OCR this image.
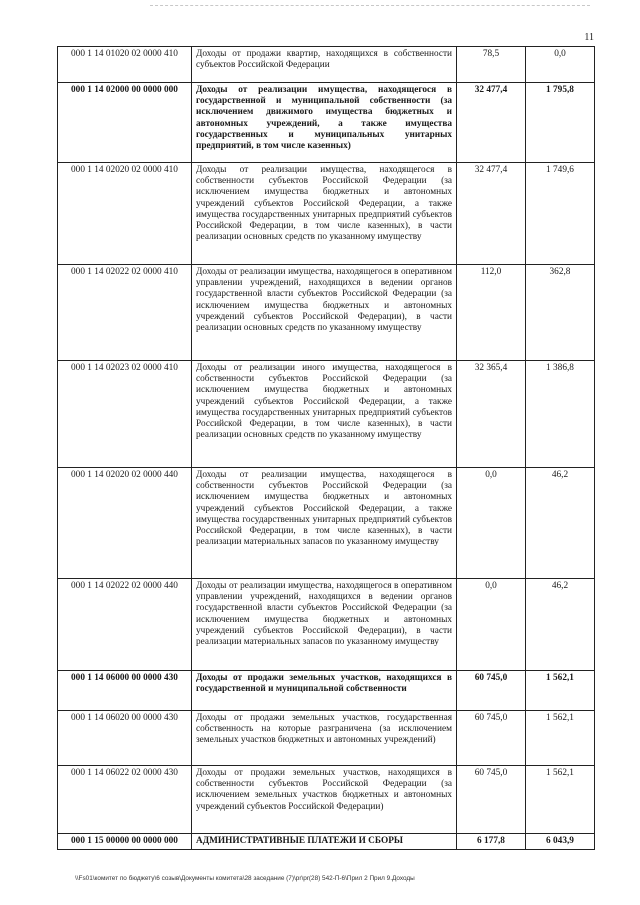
11
000 1 14 01020 02 0000 410	Доходы от продажи квартир, находящихся в собственности субъектов Российской Федерации	78,5	0,0
000 1 14 02000 00 0000 000	Доходы от реализации имущества, находящегося в государственной и муниципальной собственности (за исключением движимого имущества бюджетных и автономных учреждений, а также имущества государственных и муниципальных унитарных предприятий, в том числе казенных)	32 477,4	1 795,8
000 1 14 02020 02 0000 410	Доходы от реализации имущества, находящегося в собственности субъектов Российской Федерации (за исключением имущества бюджетных и автономных учреждений субъектов Российской Федерации, а также имущества государственных унитарных предприятий субъектов Российской Федерации, в том числе казенных), в части реализации основных средств по указанному имуществу	32 477,4	1 749,6
000 1 14 02022 02 0000 410	Доходы от реализации имущества, находящегося в оперативном управлении учреждений, находящихся в ведении органов государственной власти субъектов Российской Федерации (за исключением имущества бюджетных и автономных учреждений субъектов Российской Федерации), в части реализации основных средств по указанному имуществу	112,0	362,8
000 1 14 02023 02 0000 410	Доходы от реализации иного имущества, находящегося в собственности субъектов Российской Федерации (за исключением имущества бюджетных и автономных учреждений субъектов Российской Федерации, а также имущества государственных унитарных предприятий субъектов Российской Федерации, в том числе казенных), в части реализации основных средств по указанному имуществу	32 365,4	1 386,8
000 1 14 02020 02 0000 440	Доходы от реализации имущества, находящегося в собственности субъектов Российской Федерации (за исключением имущества бюджетных и автономных учреждений субъектов Российской Федерации, а также имущества государственных унитарных предприятий субъектов Российской Федерации, в том числе казенных), в части реализации материальных запасов по указанному имуществу	0,0	46,2
000 1 14 02022 02 0000 440	Доходы от реализации имущества, находящегося в оперативном управлении учреждений, находящихся в ведении органов государственной власти субъектов Российской Федерации (за исключением имущества бюджетных и автономных учреждений субъектов Российской Федерации), в части реализации материальных запасов по указанному имуществу	0,0	46,2
000 1 14 06000 00 0000 430	Доходы от продажи земельных участков, находящихся в государственной и муниципальной собственности	60 745,0	1 562,1
000 1 14 06020 00 0000 430	Доходы от продажи земельных участков, государственная собственность на которые разграничена (за исключением земельных участков бюджетных и автономных учреждений)	60 745,0	1 562,1
000 1 14 06022 02 0000 430	Доходы от продажи земельных участков, находящихся в собственности субъектов Российской Федерации (за исключением земельных участков бюджетных и автономных учреждений субъектов Российской Федерации)	60 745,0	1 562,1
000 1 15 00000 00 0000 000	АДМИНИСТРАТИВНЫЕ ПЛАТЕЖИ И СБОРЫ	6 177,8	6 043,9
\\Fs01\комитет по бюджету\6 созыв\Документы комитета\28 заседание (7)\pr\pr(28) 542-П-6\Прил 2 Прил 9.Доходы
